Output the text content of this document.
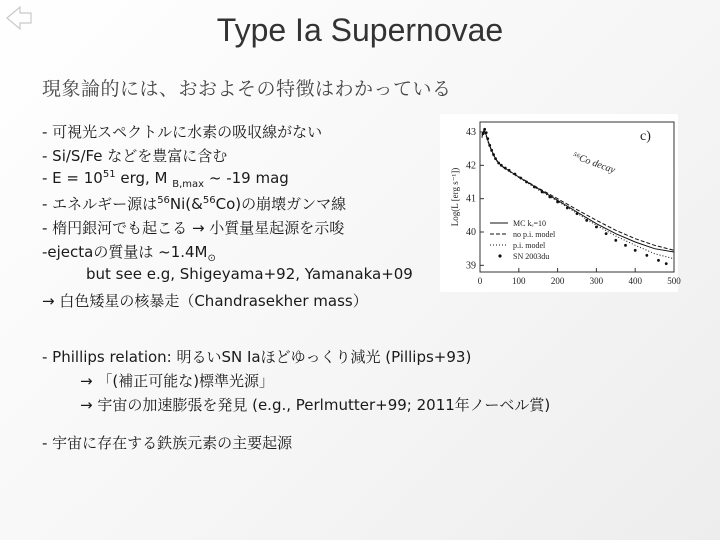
Type Ia Supernovae
現象論的には、おおよその特徴はわかっている
- 可視光スペクトルに水素の吸収線がない
- Si/S/Fe などを豊富に含む
- $E = 10^{51}$ erg, M $_{B,max}$ ~ -19 mag
- エネルギー源は$^{56}$Ni(&$^{56}$Co)の崩壊ガンマ線
- 楕円銀河でも起こる → 小質量星起源を示唆
-ejectaの質量は $\sim 1.4M_⊙$
but see e.g, Shigeyama+92, Yamanaka+09
→ 白色矮星の核暴走（Chandrasekher mass）
- Phillips relation: 明るいSN Iaほどゆっくり減光 (Pillips+93)
→ 「(補正可能な)標準光源」
→ 宇宙の加速膨張を発見 (e.g., Perlmutter+99; 2011年ノーベル賞)
- 宇宙に存在する鉄族元素の主要起源
0	100	200	300	400	500
39
40
41
42
43	c)
⁵⁶Co decay
Log(L [erg s⁻¹])	MC kₑ=10
no p.i. model
p.i. model
SN 2003du
